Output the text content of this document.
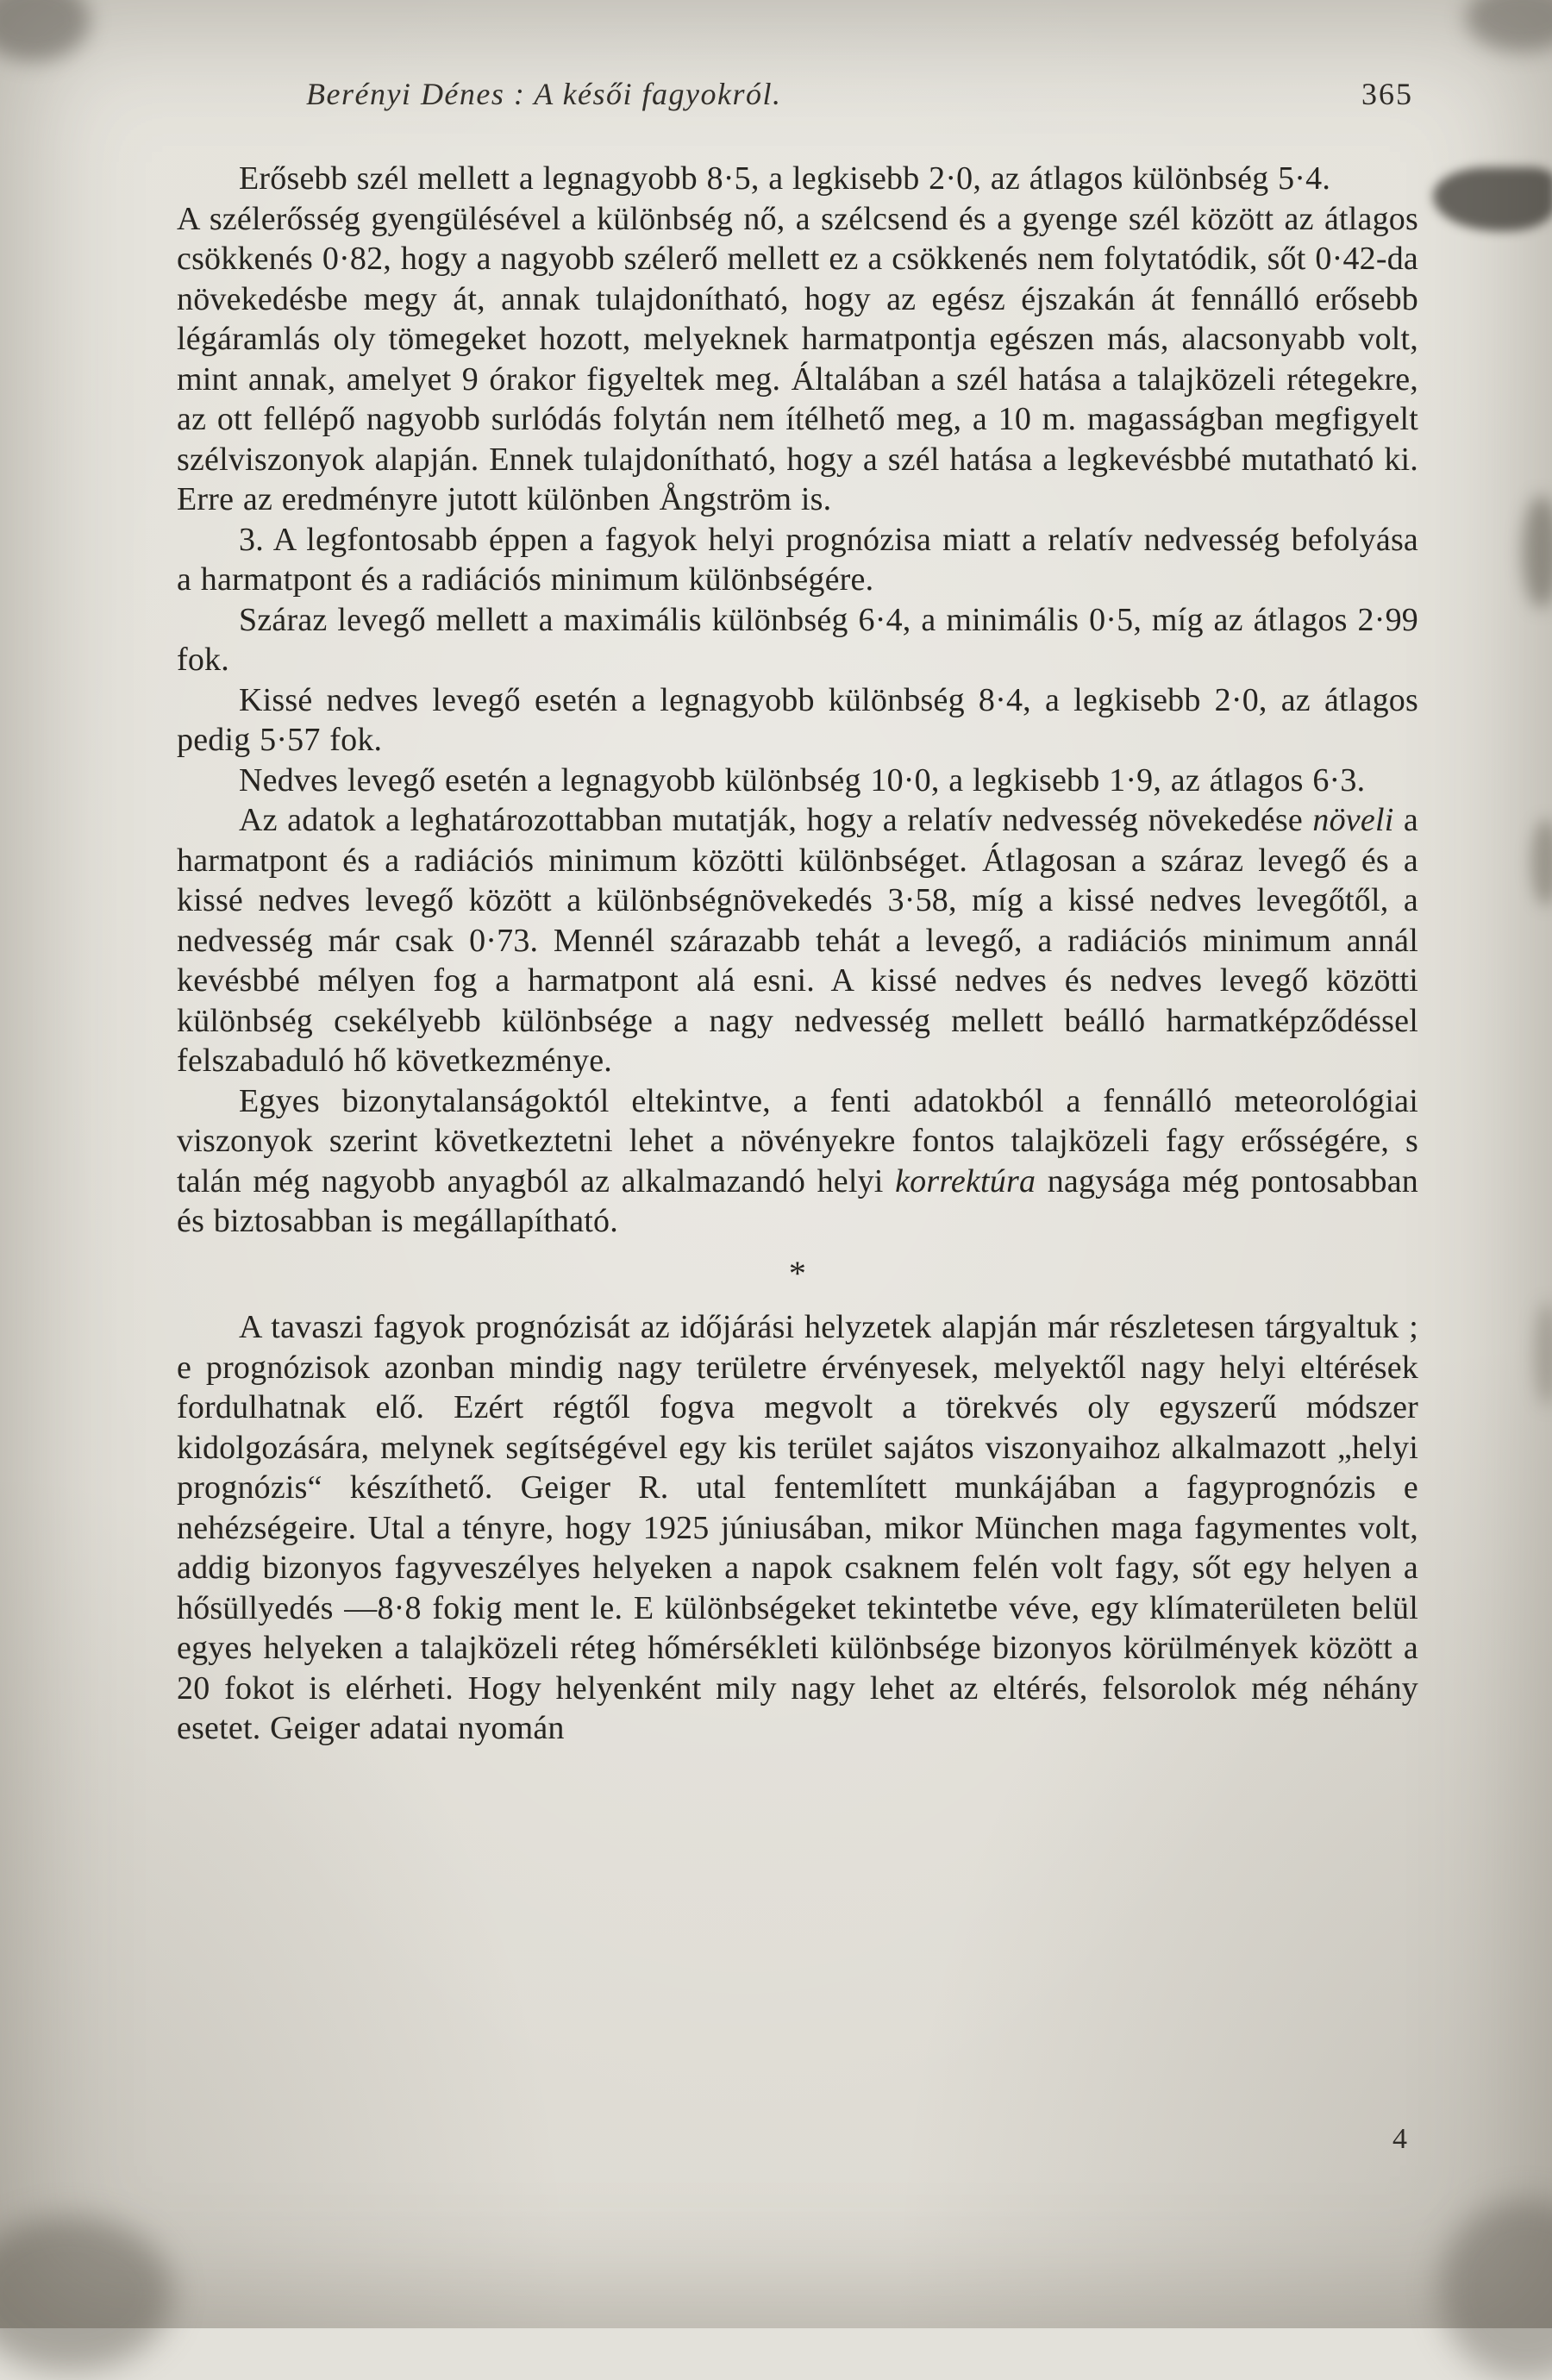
Berényi Dénes : A késői fagyokról.	365

Erősebb szél mellett a legnagyobb 8·5, a legkisebb 2·0, az átlagos különbség 5·4.

A szélerősség gyengülésével a különbség nő, a szélcsend és a gyenge szél között az átlagos csökkenés 0·82, hogy a nagyobb szélerő mellett ez a csökkenés nem folytatódik, sőt 0·42-da növekedésbe megy át, annak tulajdonítható, hogy az egész éjszakán át fennálló erősebb légáramlás oly tömegeket hozott, melyeknek harmatpontja egészen más, alacsonyabb volt, mint annak, amelyet 9 órakor figyeltek meg. Általában a szél hatása a talajközeli rétegekre, az ott fellépő nagyobb surlódás folytán nem ítélhető meg, a 10 m. magasságban megfigyelt szélviszonyok alapján. Ennek tulajdonítható, hogy a szél hatása a legkevésbbé mutatható ki. Erre az eredményre jutott különben Ångström is.

3. A legfontosabb éppen a fagyok helyi prognózisa miatt a relatív nedvesség befolyása a harmatpont és a radiációs minimum különbségére.

Száraz levegő mellett a maximális különbség 6·4, a minimális 0·5, míg az átlagos 2·99 fok.

Kissé nedves levegő esetén a legnagyobb különbség 8·4, a legkisebb 2·0, az átlagos pedig 5·57 fok.

Nedves levegő esetén a legnagyobb különbség 10·0, a legkisebb 1·9, az átlagos 6·3.

Az adatok a leghatározottabban mutatják, hogy a relatív nedvesség növekedése növeli a harmatpont és a radiációs minimum közötti különbséget. Átlagosan a száraz levegő és a kissé nedves levegő között a különbségnövekedés 3·58, míg a kissé nedves levegőtől, a nedvesség már csak 0·73. Mennél szárazabb tehát a levegő, a radiációs minimum annál kevésbbé mélyen fog a harmatpont alá esni. A kissé nedves és nedves levegő közötti különbség csekélyebb különbsége a nagy nedvesség mellett beálló harmatképződéssel felszabaduló hő következménye.

Egyes bizonytalanságoktól eltekintve, a fenti adatokból a fennálló meteorológiai viszonyok szerint következtetni lehet a növényekre fontos talajközeli fagy erősségére, s talán még nagyobb anyagból az alkalmazandó helyi korrektúra nagysága még pontosabban és biztosabban is megállapítható.

*

A tavaszi fagyok prognózisát az időjárási helyzetek alapján már részletesen tárgyaltuk ; e prognózisok azonban mindig nagy területre érvényesek, melyektől nagy helyi eltérések fordulhatnak elő. Ezért régtől fogva megvolt a törekvés oly egyszerű módszer kidolgozására, melynek segítségével egy kis terület sajátos viszonyaihoz alkalmazott „helyi prognózis“ készíthető. Geiger R. utal fentemlített munkájában a fagyprognózis e nehézségeire. Utal a tényre, hogy 1925 júniusában, mikor München maga fagymentes volt, addig bizonyos fagyveszélyes helyeken a napok csaknem felén volt fagy, sőt egy helyen a hősüllyedés —8·8 fokig ment le. E különbségeket tekintetbe véve, egy klímaterületen belül egyes helyeken a talajközeli réteg hőmérsékleti különbsége bizonyos körülmények között a 20 fokot is elérheti. Hogy helyenként mily nagy lehet az eltérés, felsorolok még néhány esetet. Geiger adatai nyomán

4
